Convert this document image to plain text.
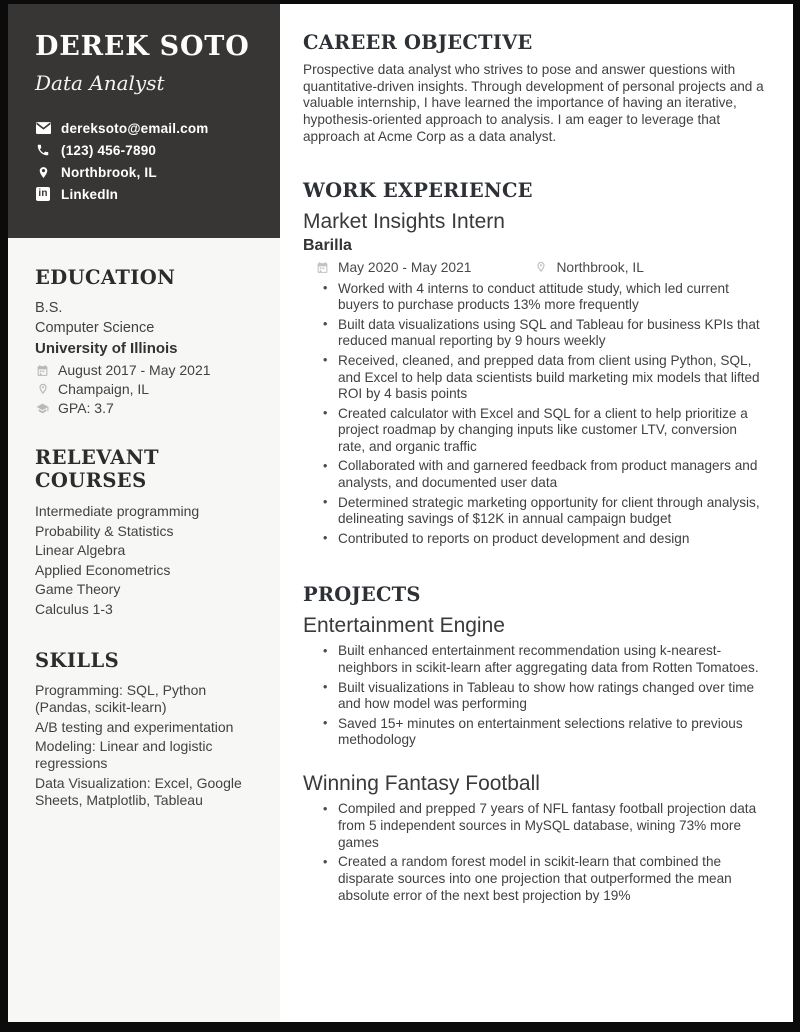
DEREK SOTO
Data Analyst
dereksoto@email.com
(123) 456-7890
Northbrook, IL
in LinkedIn
EDUCATION
B.S.
Computer Science
University of Illinois
August 2017 - May 2021
Champaign, IL
GPA: 3.7
RELEVANT COURSES
Intermediate programming
Probability & Statistics
Linear Algebra
Applied Econometrics
Game Theory
Calculus 1-3
SKILLS
Programming: SQL, Python (Pandas, scikit-learn)
A/B testing and experimentation
Modeling: Linear and logistic regressions
Data Visualization: Excel, Google Sheets, Matplotlib, Tableau
CAREER OBJECTIVE

Prospective data analyst who strives to pose and answer questions with quantitative-driven insights. Through development of personal projects and a valuable internship, I have learned the importance of having an iterative, hypothesis-oriented approach to analysis. I am eager to leverage that approach at Acme Corp as a data analyst.

WORK EXPERIENCE
Market Insights Intern
Barilla
May 2020 - May 2021	Northbrook, IL
• Worked with 4 interns to conduct attitude study, which led current buyers to purchase products 13% more frequently
• Built data visualizations using SQL and Tableau for business KPIs that reduced manual reporting by 9 hours weekly
• Received, cleaned, and prepped data from client using Python, SQL, and Excel to help data scientists build marketing mix models that lifted ROI by 4 basis points
• Created calculator with Excel and SQL for a client to help prioritize a project roadmap by changing inputs like customer LTV, conversion rate, and organic traffic
• Collaborated with and garnered feedback from product managers and analysts, and documented user data
• Determined strategic marketing opportunity for client through analysis, delineating savings of $12K in annual campaign budget
• Contributed to reports on product development and design
PROJECTS
Entertainment Engine
• Built enhanced entertainment recommendation using k-nearest-neighbors in scikit-learn after aggregating data from Rotten Tomatoes.
• Built visualizations in Tableau to show how ratings changed over time and how model was performing
• Saved 15+ minutes on entertainment selections relative to previous methodology
Winning Fantasy Football
• Compiled and prepped 7 years of NFL fantasy football projection data from 5 independent sources in MySQL database, wining 73% more games
• Created a random forest model in scikit-learn that combined the disparate sources into one projection that outperformed the mean absolute error of the next best projection by 19%
